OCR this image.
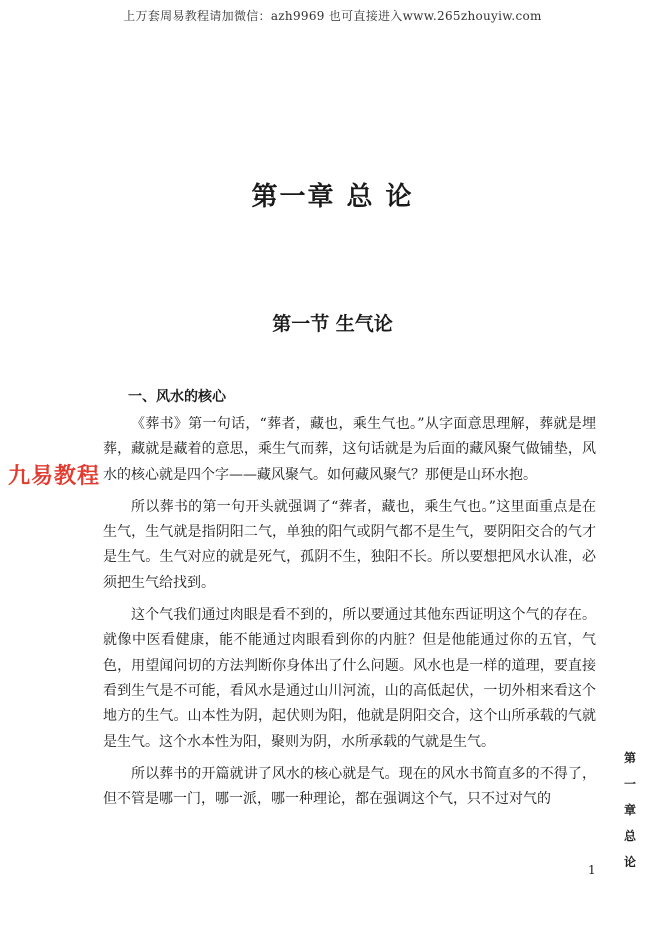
上万套周易教程请加微信：azh9969 也可直接进入www.265zhouyiw.com
第一章 总 论
第一节 生气论
一、风水的核心

《葬书》第一句话，“葬者，藏也，乘生气也。”从字面意思理解，葬就是埋葬，藏就是藏着的意思，乘生气而葬，这句话就是为后面的藏风聚气做铺垫，风水的核心就是四个字——藏风聚气。如何藏风聚气？那便是山环水抱。

所以葬书的第一句开头就强调了“葬者，藏也，乘生气也。”这里面重点是在生气，生气就是指阴阳二气，单独的阳气或阴气都不是生气，要阴阳交合的气才是生气。生气对应的就是死气，孤阴不生，独阳不长。所以要想把风水认准，必须把生气给找到。

这个气我们通过肉眼是看不到的，所以要通过其他东西证明这个气的存在。就像中医看健康，能不能通过肉眼看到你的内脏？但是他能通过你的五官，气色，用望闻问切的方法判断你身体出了什么问题。风水也是一样的道理，要直接看到生气是不可能，看风水是通过山川河流，山的高低起伏，一切外相来看这个地方的生气。山本性为阴，起伏则为阳，他就是阴阳交合，这个山所承载的气就是生气。这个水本性为阳，聚则为阴，水所承载的气就是生气。

所以葬书的开篇就讲了风水的核心就是气。现在的风水书简直多的不得了，但不管是哪一门，哪一派，哪一种理论，都在强调这个气，只不过对气的

九易教程
第
一
章
总
论
1
